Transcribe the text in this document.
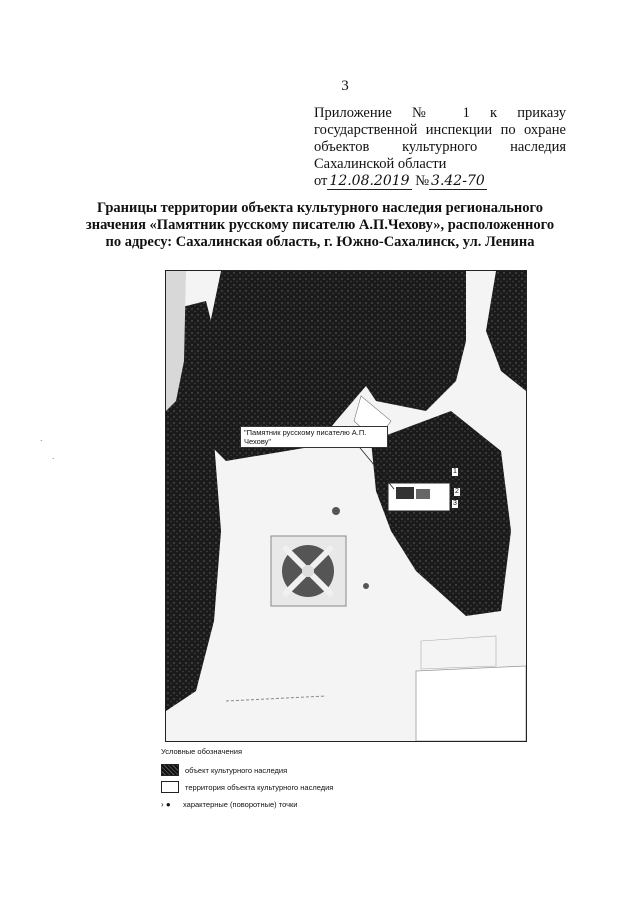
3
Приложение № 1 к приказу
государственной инспекции по охране
объектов культурного наследия
Сахалинской области
от 12.08.2019 № 3.42-70
Границы территории объекта культурного наследия регионального
значения «Памятник русскому писателю А.П.Чехову», расположенного
по адресу: Сахалинская область, г. Южно-Сахалинск, ул. Ленина
"Памятник русскому писателю А.П. Чехову"
1
2
3
·
·
Условные обозначения
объект культурного наследия
территория объекта культурного наследия
› ●	характерные (поворотные) точки
